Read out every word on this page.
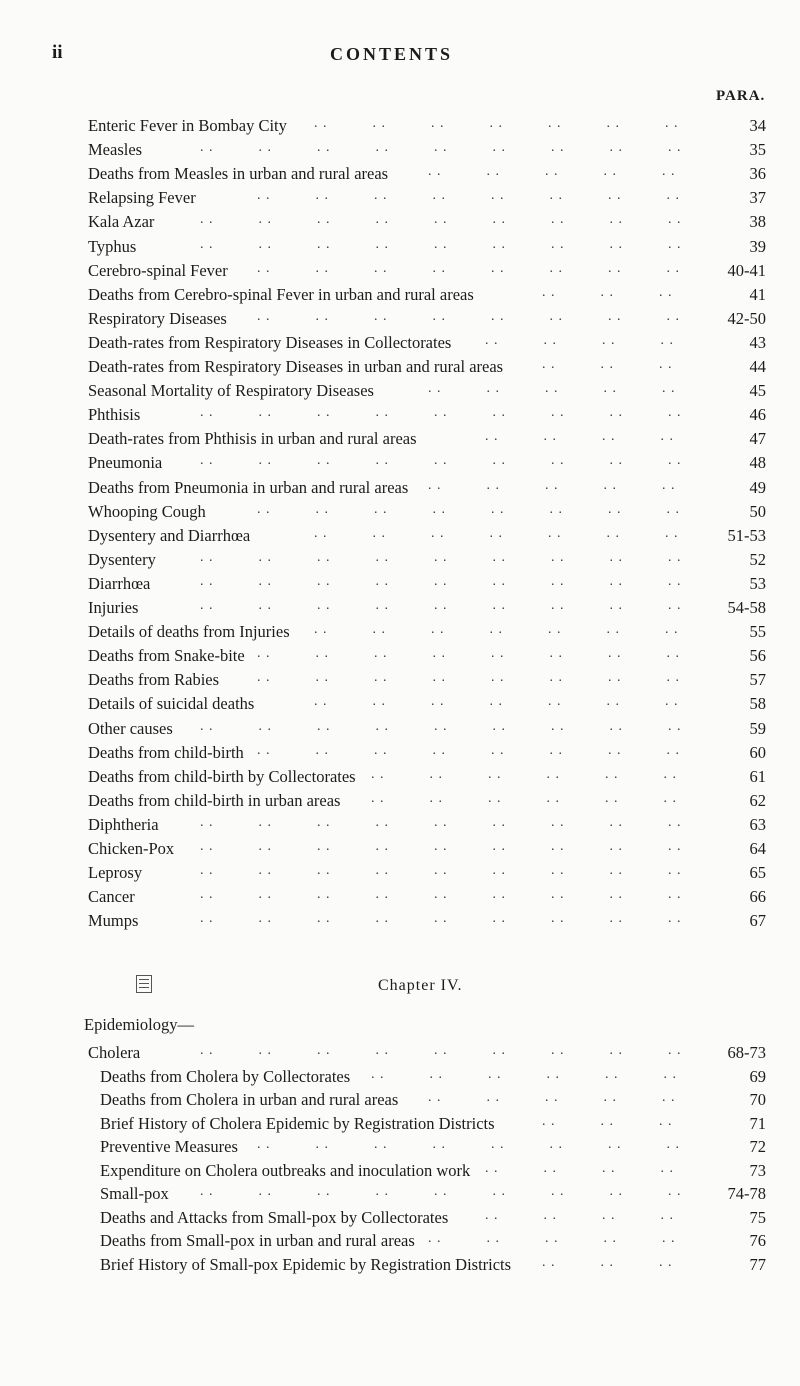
ii	CONTENTS
PARA.
Enteric Fever in Bombay City	34
. .   . .   . .   . .   . .   . .   . .
Measles	35
. .   . .   . .   . .   . .   . .   . .   . .   . .
Deaths from Measles in urban and rural areas	36
. .   . .   . .   . .   . .
Relapsing Fever	37
. .   . .   . .   . .   . .   . .   . .   . .
Kala Azar	38
. .   . .   . .   . .   . .   . .   . .   . .   . .
Typhus	39
. .   . .   . .   . .   . .   . .   . .   . .   . .
Cerebro-spinal Fever	40-41
. .   . .   . .   . .   . .   . .   . .   . .
Deaths from Cerebro-spinal Fever in urban and rural areas	41
. .   . .   . .
Respiratory Diseases	42-50
. .   . .   . .   . .   . .   . .   . .   . .
Death-rates from Respiratory Diseases in Collectorates	43
. .   . .   . .   . .
Death-rates from Respiratory Diseases in urban and rural areas	44
. .   . .   . .
Seasonal Mortality of Respiratory Diseases	45
. .   . .   . .   . .   . .
Phthisis	46
. .   . .   . .   . .   . .   . .   . .   . .   . .
Death-rates from Phthisis in urban and rural areas	47
. .   . .   . .   . .
Pneumonia	48
. .   . .   . .   . .   . .   . .   . .   . .   . .
Deaths from Pneumonia in urban and rural areas	49
. .   . .   . .   . .   . .
Whooping Cough	50
. .   . .   . .   . .   . .   . .   . .   . .
Dysentery and Diarrhœa	51-53
. .   . .   . .   . .   . .   . .   . .
Dysentery	52
. .   . .   . .   . .   . .   . .   . .   . .   . .
Diarrhœa	53
. .   . .   . .   . .   . .   . .   . .   . .   . .
Injuries	54-58
. .   . .   . .   . .   . .   . .   . .   . .   . .
Details of deaths from Injuries	55
. .   . .   . .   . .   . .   . .   . .
Deaths from Snake-bite	56
. .   . .   . .   . .   . .   . .   . .   . .
Deaths from Rabies	57
. .   . .   . .   . .   . .   . .   . .   . .
Details of suicidal deaths	58
. .   . .   . .   . .   . .   . .   . .
Other causes	59
. .   . .   . .   . .   . .   . .   . .   . .   . .
Deaths from child-birth	60
. .   . .   . .   . .   . .   . .   . .   . .
Deaths from child-birth by Collectorates	61
. .   . .   . .   . .   . .   . .
Deaths from child-birth in urban areas	62
. .   . .   . .   . .   . .   . .
Diphtheria	63
. .   . .   . .   . .   . .   . .   . .   . .   . .
Chicken-Pox	64
. .   . .   . .   . .   . .   . .   . .   . .   . .
Leprosy	65
. .   . .   . .   . .   . .   . .   . .   . .   . .
Cancer	66
. .   . .   . .   . .   . .   . .   . .   . .   . .
Mumps	67
. .   . .   . .   . .   . .   . .   . .   . .   . .
Chapter IV.
Epidemiology—
Cholera	68-73
. .   . .   . .   . .   . .   . .   . .   . .   . .
Deaths from Cholera by Collectorates	69
. .   . .   . .   . .   . .   . .
Deaths from Cholera in urban and rural areas	70
. .   . .   . .   . .   . .
Brief History of Cholera Epidemic by Registration Districts	71
. .   . .   . .
Preventive Measures	72
. .   . .   . .   . .   . .   . .   . .   . .
Expenditure on Cholera outbreaks and inoculation work	73
. .   . .   . .   . .
Small-pox	74-78
. .   . .   . .   . .   . .   . .   . .   . .   . .
Deaths and Attacks from Small-pox by Collectorates	75
. .   . .   . .   . .
Deaths from Small-pox in urban and rural areas	76
. .   . .   . .   . .   . .
Brief History of Small-pox Epidemic by Registration Districts	77
. .   . .   . .
